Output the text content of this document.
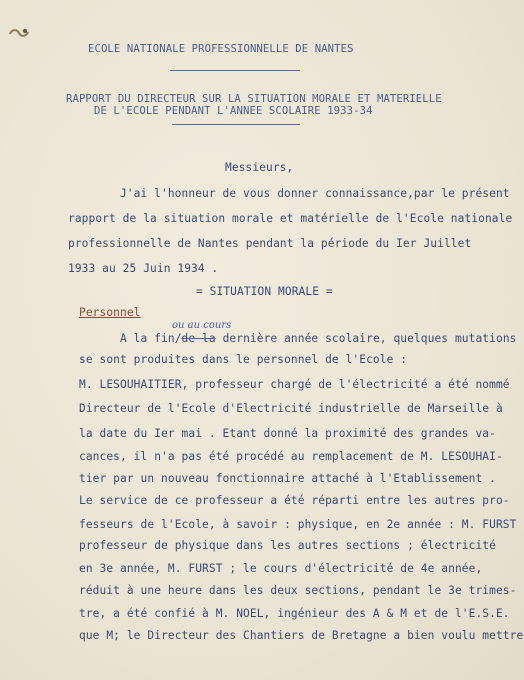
ECOLE NATIONALE PROFESSIONNELLE DE NANTES
RAPPORT DU DIRECTEUR SUR LA SITUATION MORALE ET MATERIELLE
DE L'ECOLE PENDANT L'ANNEE SCOLAIRE 1933-34
Messieurs,
J'ai l'honneur de vous donner connaissance,par le présent
rapport de la situation morale et matérielle de l'Ecole nationale
professionnelle de Nantes pendant la période du Ier Juillet
1933 au 25 Juin 1934 .
= SITUATION MORALE =
Personnel
ou au cours
A la fin/de la dernière année scolaire, quelques mutations
se sont produites dans le personnel de l'Ecole :
M. LESOUHAITIER, professeur chargé de l'électricité a été nommé
Directeur de l'Ecole d'Electricité industrielle de Marseille à
la date du Ier mai . Etant donné la proximité des grandes va-
cances, il n'a pas été procédé au remplacement de M. LESOUHAI-
tier par un nouveau fonctionnaire attaché à l'Etablissement .
Le service de ce professeur a été réparti entre les autres pro-
fesseurs de l'Ecole, à savoir : physique, en 2e année : M. FURST
professeur de physique dans les autres sections ; électricité
en 3e année, M. FURST ; le cours d'électricité de 4e année,
réduit à une heure dans les deux sections, pendant le 3e trimes-
tre, a été confié à M. NOEL, ingénieur des A & M et de l'E.S.E.
que M; le Directeur des Chantiers de Bretagne a bien voulu mettre
